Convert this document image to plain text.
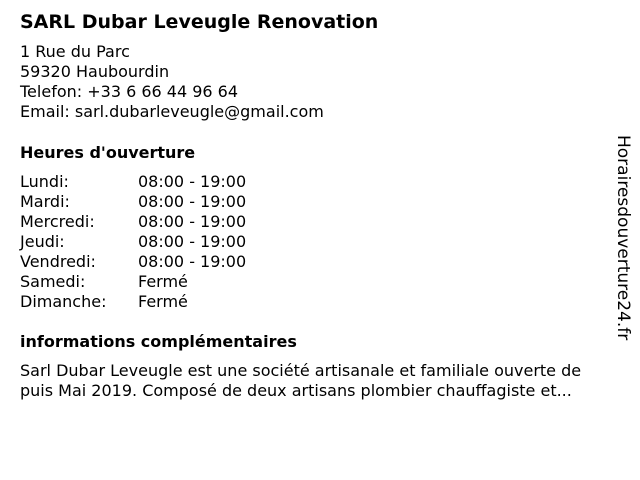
SARL Dubar Leveugle Renovation
1 Rue du Parc
59320 Haubourdin
Telefon: +33 6 66 44 96 64
Email: sarl.dubarleveugle@gmail.com
Heures d'ouverture
Lundi:	08:00 - 19:00
Mardi:	08:00 - 19:00
Mercredi:	08:00 - 19:00
Jeudi:	08:00 - 19:00
Vendredi:	08:00 - 19:00
Samedi:	Fermé
Dimanche:	Fermé
informations complémentaires
Sarl Dubar Leveugle est une société artisanale et familiale ouverte de
puis Mai 2019. Composé de deux artisans plombier chauffagiste et...
Horairesdouverture24.fr
